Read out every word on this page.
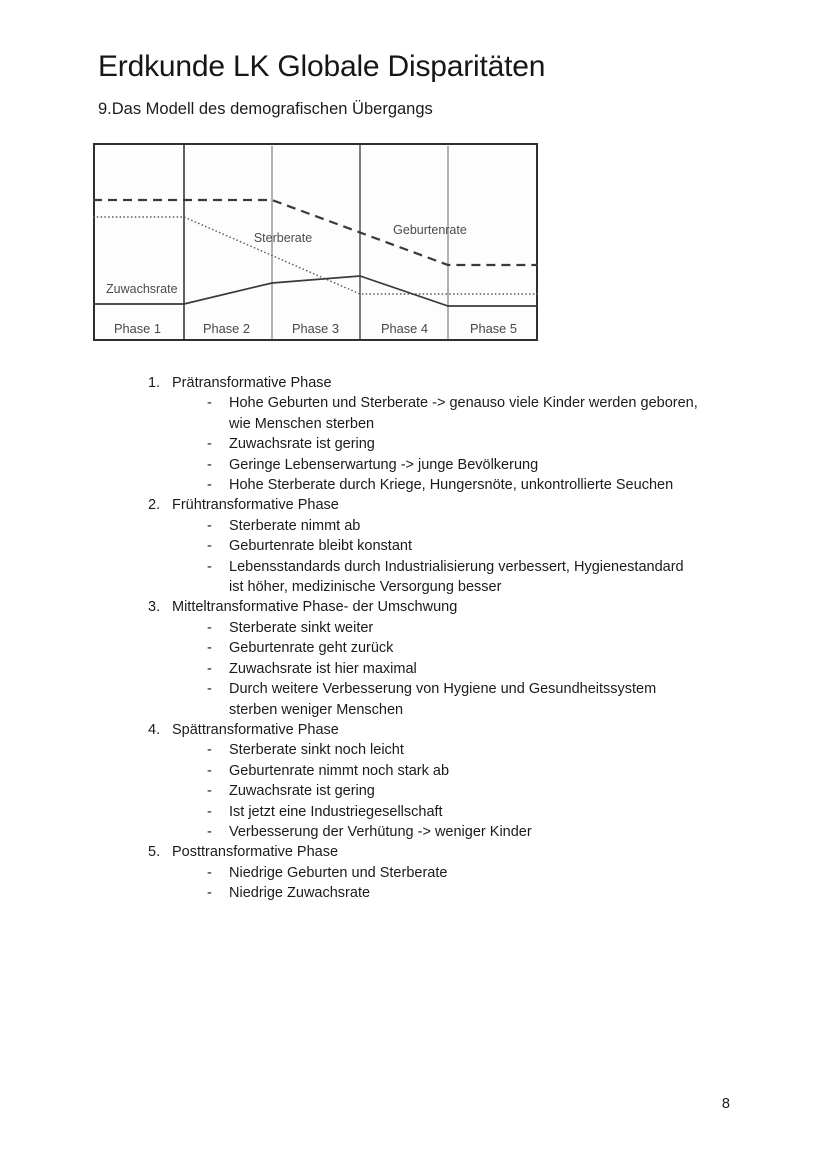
Erdkunde LK Globale Disparitäten
9.Das Modell des demografischen Übergangs
Zuwachsrate
Sterberate
Geburtenrate
Phase 1	Phase 2	Phase 3	Phase 4	Phase 5
1. Prätransformative Phase
-	Hohe Geburten und Sterberate -> genauso viele Kinder werden geboren, wie Menschen sterben
-	Zuwachsrate ist gering
-	Geringe Lebenserwartung -> junge Bevölkerung
-	Hohe Sterberate durch Kriege, Hungersnöte, unkontrollierte Seuchen
2. Frühtransformative Phase
-	Sterberate nimmt ab
-	Geburtenrate bleibt konstant
-	Lebensstandards durch Industrialisierung verbessert, Hygienestandard ist höher, medizinische Versorgung besser
3. Mitteltransformative Phase- der Umschwung
-	Sterberate sinkt weiter
-	Geburtenrate geht zurück
-	Zuwachsrate ist hier maximal
-	Durch weitere Verbesserung von Hygiene und Gesundheitssystem sterben weniger Menschen
4. Spättransformative Phase
-	Sterberate sinkt noch leicht
-	Geburtenrate nimmt noch stark ab
-	Zuwachsrate ist gering
-	Ist jetzt eine Industriegesellschaft
-	Verbesserung der Verhütung -> weniger Kinder
5. Posttransformative Phase
-	Niedrige Geburten und Sterberate
-	Niedrige Zuwachsrate
8
